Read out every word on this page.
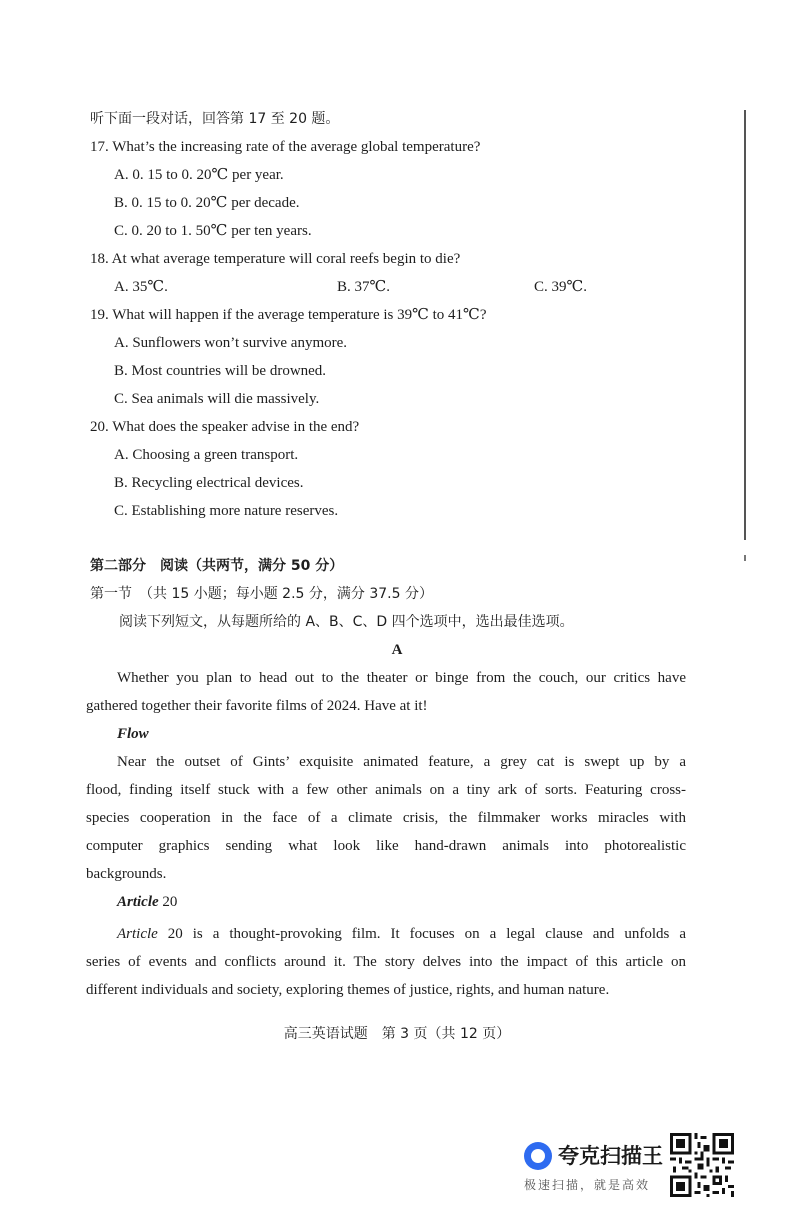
听下面一段对话，回答第 17 至 20 题。
17. What’s the increasing rate of the average global temperature?
A. 0. 15 to 0. 20℃ per year.
B. 0. 15 to 0. 20℃ per decade.
C. 0. 20 to 1. 50℃ per ten years.
18. At what average temperature will coral reefs begin to die?
A. 35℃.	B. 37℃.	C. 39℃.
19. What will happen if the average temperature is 39℃ to 41℃?
A. Sunflowers won’t survive anymore.
B. Most countries will be drowned.
C. Sea animals will die massively.
20. What does the speaker advise in the end?
A. Choosing a green transport.
B. Recycling electrical devices.
C. Establishing more nature reserves.
第二部分　阅读（共两节，满分 50 分）
第一节　（共 15 小题；每小题 2.5 分，满分 37.5 分）
阅读下列短文，从每题所给的 A、B、C、D 四个选项中，选出最佳选项。
A
Whether you plan to head out to the theater or binge from the couch, our critics have
gathered together their favorite films of 2024. Have at it!
Flow
Near the outset of Gints’ exquisite animated feature, a grey cat is swept up by a
flood, finding itself stuck with a few other animals on a tiny ark of sorts. Featuring cross-
species cooperation in the face of a climate crisis, the filmmaker works miracles with
computer graphics sending what look like hand-drawn animals into photorealistic
backgrounds.
Article 20
Article 20 is a thought-provoking film. It focuses on a legal clause and unfolds a
series of events and conflicts around it. The story delves into the impact of this article on
different individuals and society, exploring themes of justice, rights, and human nature.
高三英语试题　第 3 页（共 12 页）
夸克扫描王
极速扫描，就是高效
